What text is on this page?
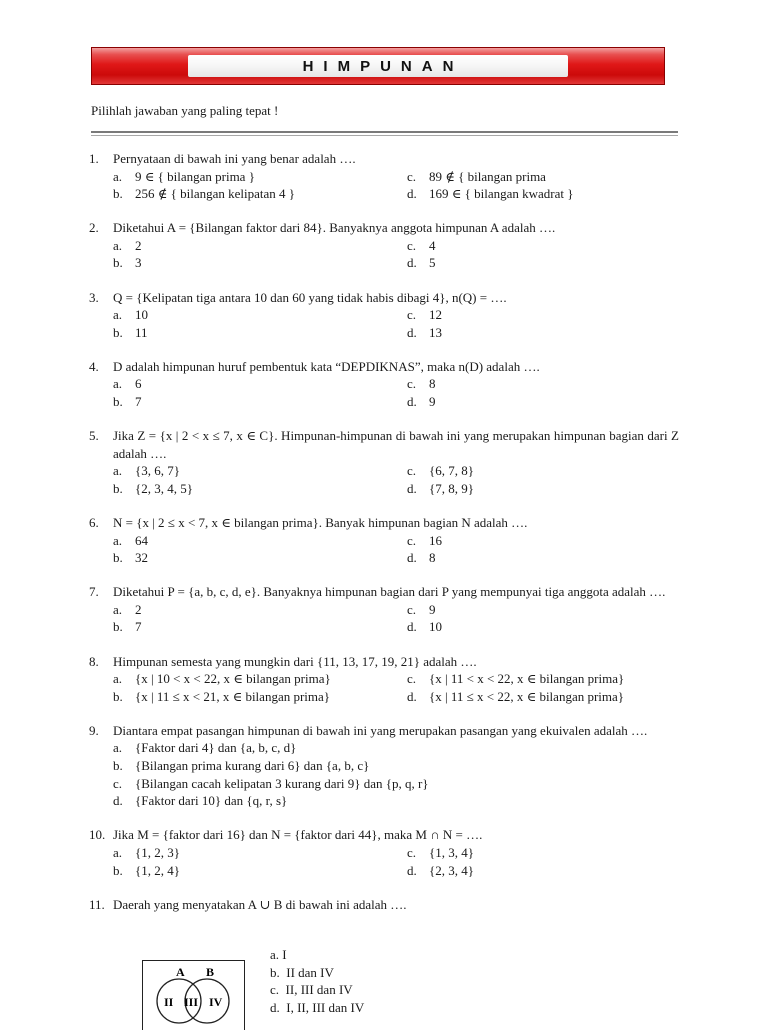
HIMPUNAN
Pilihlah jawaban yang paling tepat !
1.	Pernyataan di bawah ini yang benar adalah ….
a. 9 ∈ { bilangan prima }	c. 89 ∉ { bilangan prima
b. 256 ∉ { bilangan kelipatan 4 }	d. 169 ∈ { bilangan kwadrat }
2.	Diketahui A = {Bilangan faktor dari 84}. Banyaknya anggota himpunan A adalah ….
a. 2	c. 4
b. 3	d. 5
3.	Q = {Kelipatan tiga antara 10 dan 60 yang tidak habis dibagi 4}, n(Q) = ….
a. 10	c. 12
b. 11	d. 13
4.	D adalah himpunan huruf pembentuk kata “DEPDIKNAS”, maka n(D) adalah ….
a. 6	c. 8
b. 7	d. 9
5.	Jika Z = {x | 2 < x ≤ 7, x ∈ C}. Himpunan-himpunan di bawah ini yang merupakan himpunan bagian dari Z adalah ….
a. {3, 6, 7}	c. {6, 7, 8}
b. {2, 3, 4, 5}	d. {7, 8, 9}
6.	N = {x | 2 ≤ x < 7, x ∈ bilangan prima}. Banyak himpunan bagian N adalah ….
a. 64	c. 16
b. 32	d. 8
7.	Diketahui P = {a, b, c, d, e}. Banyaknya himpunan bagian dari P yang mempunyai tiga anggota adalah ….
a. 2	c. 9
b. 7	d. 10
8.	Himpunan semesta yang mungkin dari {11, 13, 17, 19, 21} adalah ….
a. {x | 10 < x < 22, x ∈ bilangan prima}	c. {x | 11 < x < 22, x ∈ bilangan prima}
b. {x | 11 ≤ x < 21, x ∈ bilangan prima}	d. {x | 11 ≤ x < 22, x ∈ bilangan prima}
9.	Diantara empat pasangan himpunan di bawah ini yang merupakan pasangan yang ekuivalen adalah ….
a. {Faktor dari 4} dan {a, b, c, d}
b. {Bilangan prima kurang dari 6} dan {a, b, c}
c. {Bilangan cacah kelipatan 3 kurang dari 9} dan {p, q, r}
d. {Faktor dari 10} dan {q, r, s}
10. Jika M = {faktor dari 16} dan N = {faktor dari 44}, maka M ∩ N = ….
a. {1, 2, 3}	c. {1, 3, 4}
b. {1, 2, 4}	d. {2, 3, 4}
11. Daerah yang menyatakan A ∪ B di bawah ini adalah ….
a.
I
b.
II dan IV
c.
II, III dan IV
d.
I, II, III dan IV
A B
II III IV
